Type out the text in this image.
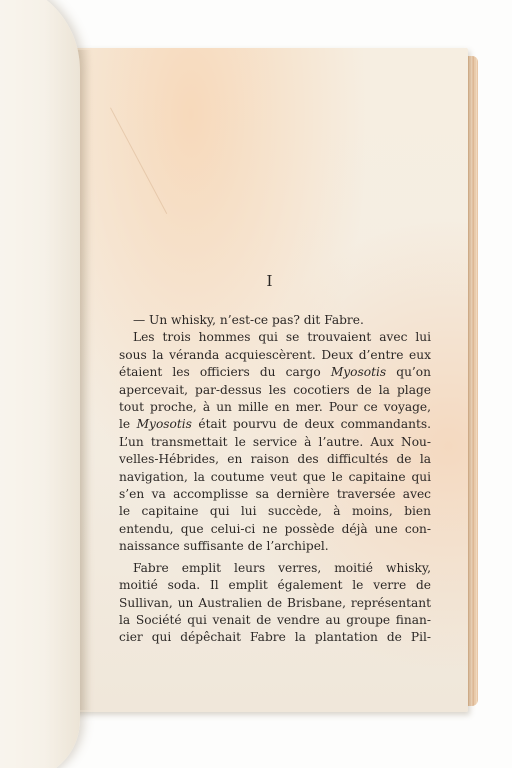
I
— Un whisky, n’est-ce pas? dit Fabre.
Les trois hommes qui se trouvaient avec lui
sous la véranda acquiescèrent. Deux d’entre eux
étaient les officiers du cargo Myosotis qu’on
apercevait, par-dessus les cocotiers de la plage
tout proche, à un mille en mer. Pour ce voyage,
le Myosotis était pourvu de deux commandants.
L’un transmettait le service à l’autre. Aux Nou-
velles-Hébrides, en raison des difficultés de la
navigation, la coutume veut que le capitaine qui
s’en va accomplisse sa dernière traversée avec
le capitaine qui lui succède, à moins, bien
entendu, que celui-ci ne possède déjà une con-
naissance suffisante de l’archipel.
Fabre emplit leurs verres, moitié whisky,
moitié soda. Il emplit également le verre de
Sullivan, un Australien de Brisbane, représentant
la Société qui venait de vendre au groupe finan-
cier qui dépêchait Fabre la plantation de Pil-
